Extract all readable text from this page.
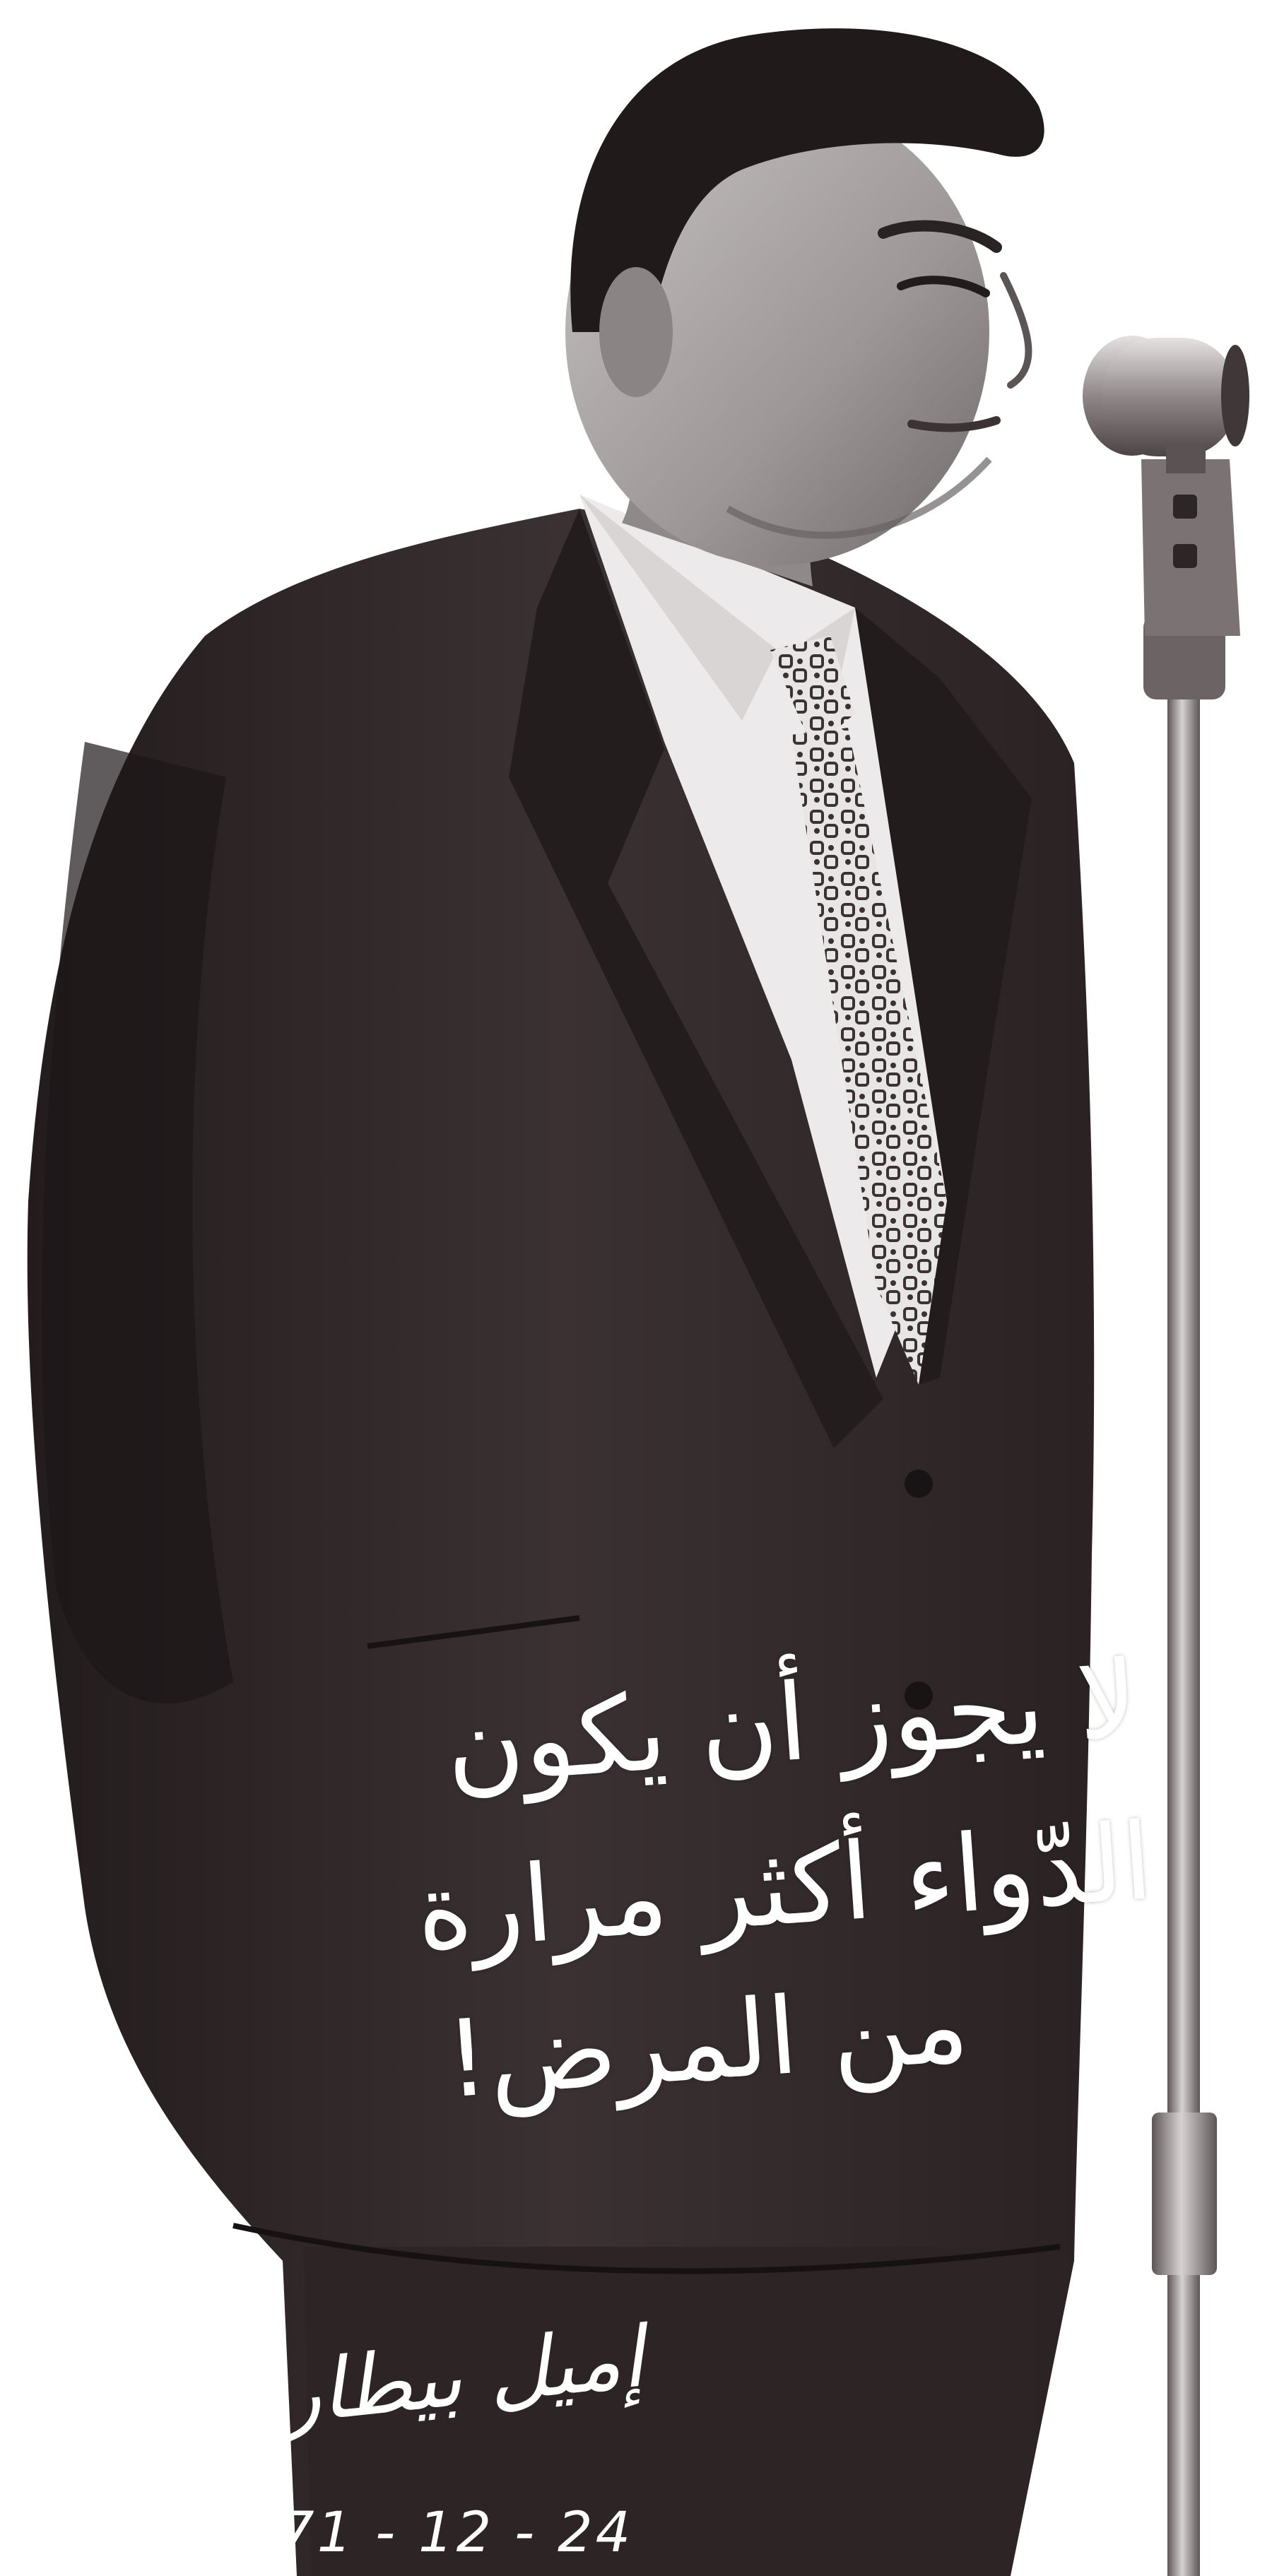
لا يجوز أن يكون
الدّواء أكثر مرارة
من المرض!
إميل بيطار
71 - 12 - 24
